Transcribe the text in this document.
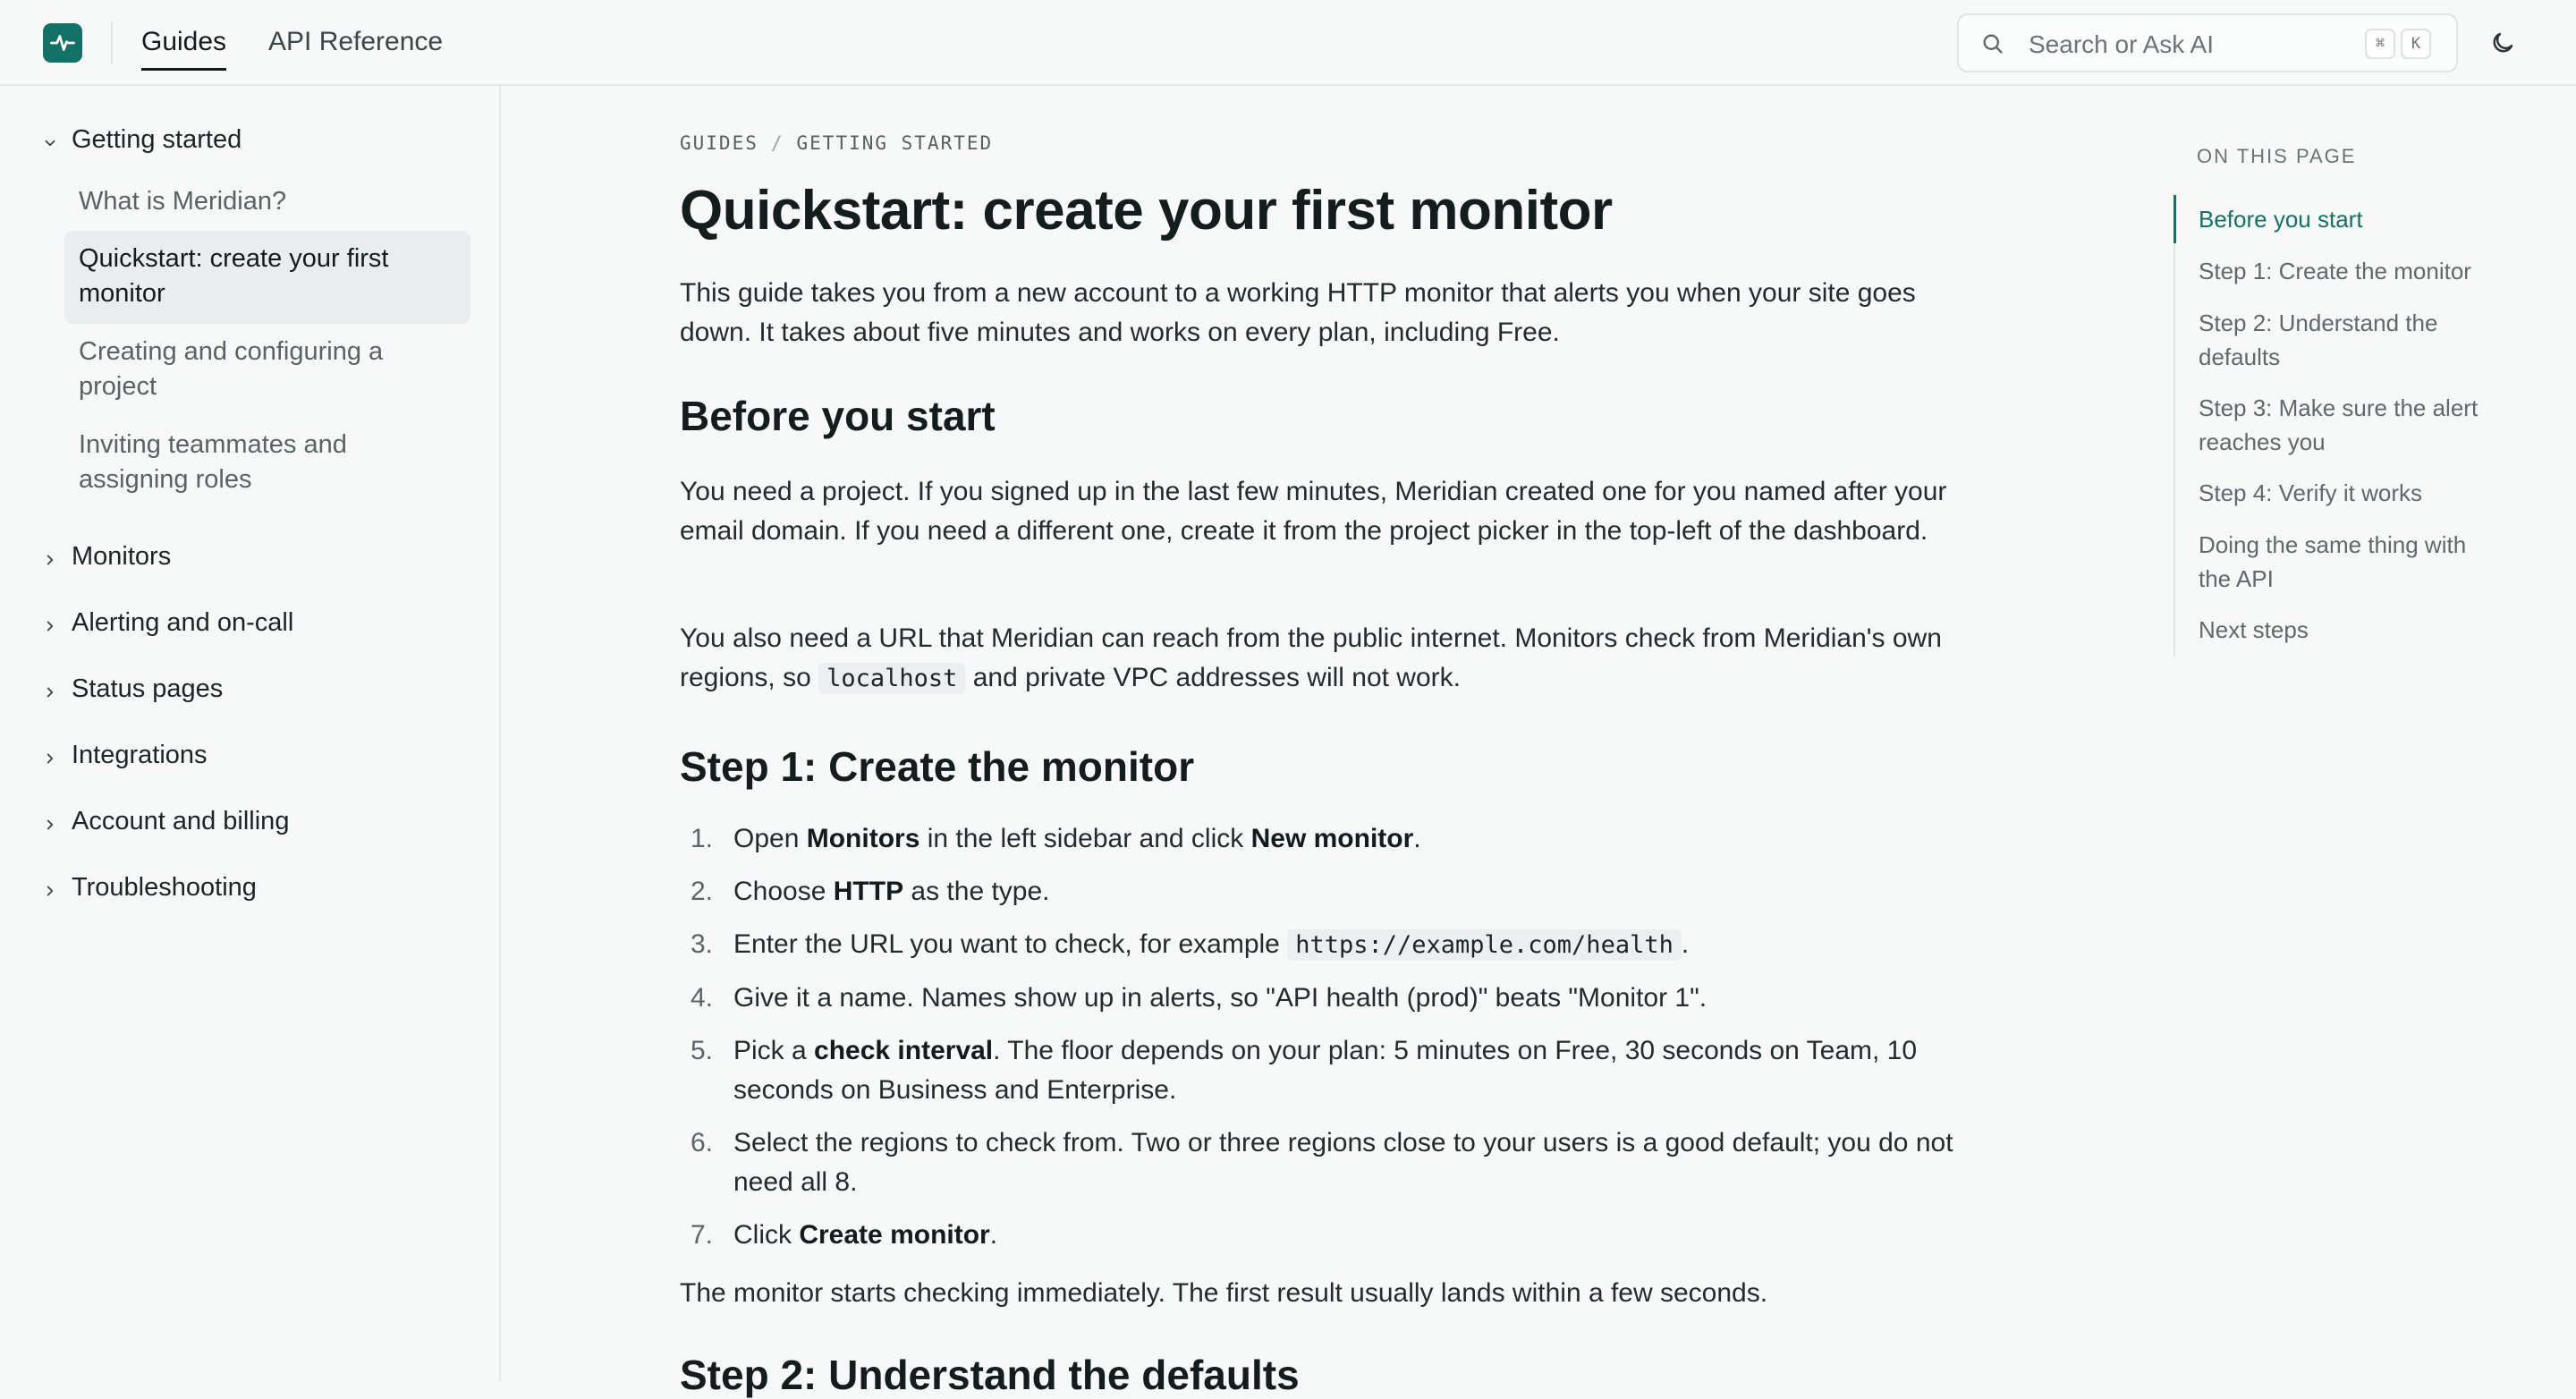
Guides API Reference	Search or Ask AI	⌘	K
Getting started
What is Meridian?
Quickstart: create your first monitor
Creating and configuring a project
Inviting teammates and assigning roles
Monitors
Alerting and on-call
Status pages
Integrations
Account and billing
Troubleshooting
GUIDES / GETTING STARTED
Quickstart: create your first monitor

This guide takes you from a new account to a working HTTP monitor that alerts you when your site goes down. It takes about five minutes and works on every plan, including Free.

Before you start

You need a project. If you signed up in the last few minutes, Meridian created one for you named after your email domain. If you need a different one, create it from the project picker in the top-left of the dashboard.

You also need a URL that Meridian can reach from the public internet. Monitors check from Meridian's own regions, so localhost and private VPC addresses will not work.

Step 1: Create the monitor
1. Open Monitors in the left sidebar and click New monitor.
2. Choose HTTP as the type.
3. Enter the URL you want to check, for example https://example.com/health .
4. Give it a name. Names show up in alerts, so "API health (prod)" beats "Monitor 1".
5. Pick a check interval. The floor depends on your plan: 5 minutes on Free, 30 seconds on Team, 10 seconds on Business and Enterprise.
6. Select the regions to check from. Two or three regions close to your users is a good default; you do not need all 8.
7. Click Create monitor.

The monitor starts checking immediately. The first result usually lands within a few seconds.

Step 2: Understand the defaults
ON THIS PAGE
Before you start
Step 1: Create the monitor
Step 2: Understand the defaults
Step 3: Make sure the alert reaches you
Step 4: Verify it works
Doing the same thing with the API
Next steps
